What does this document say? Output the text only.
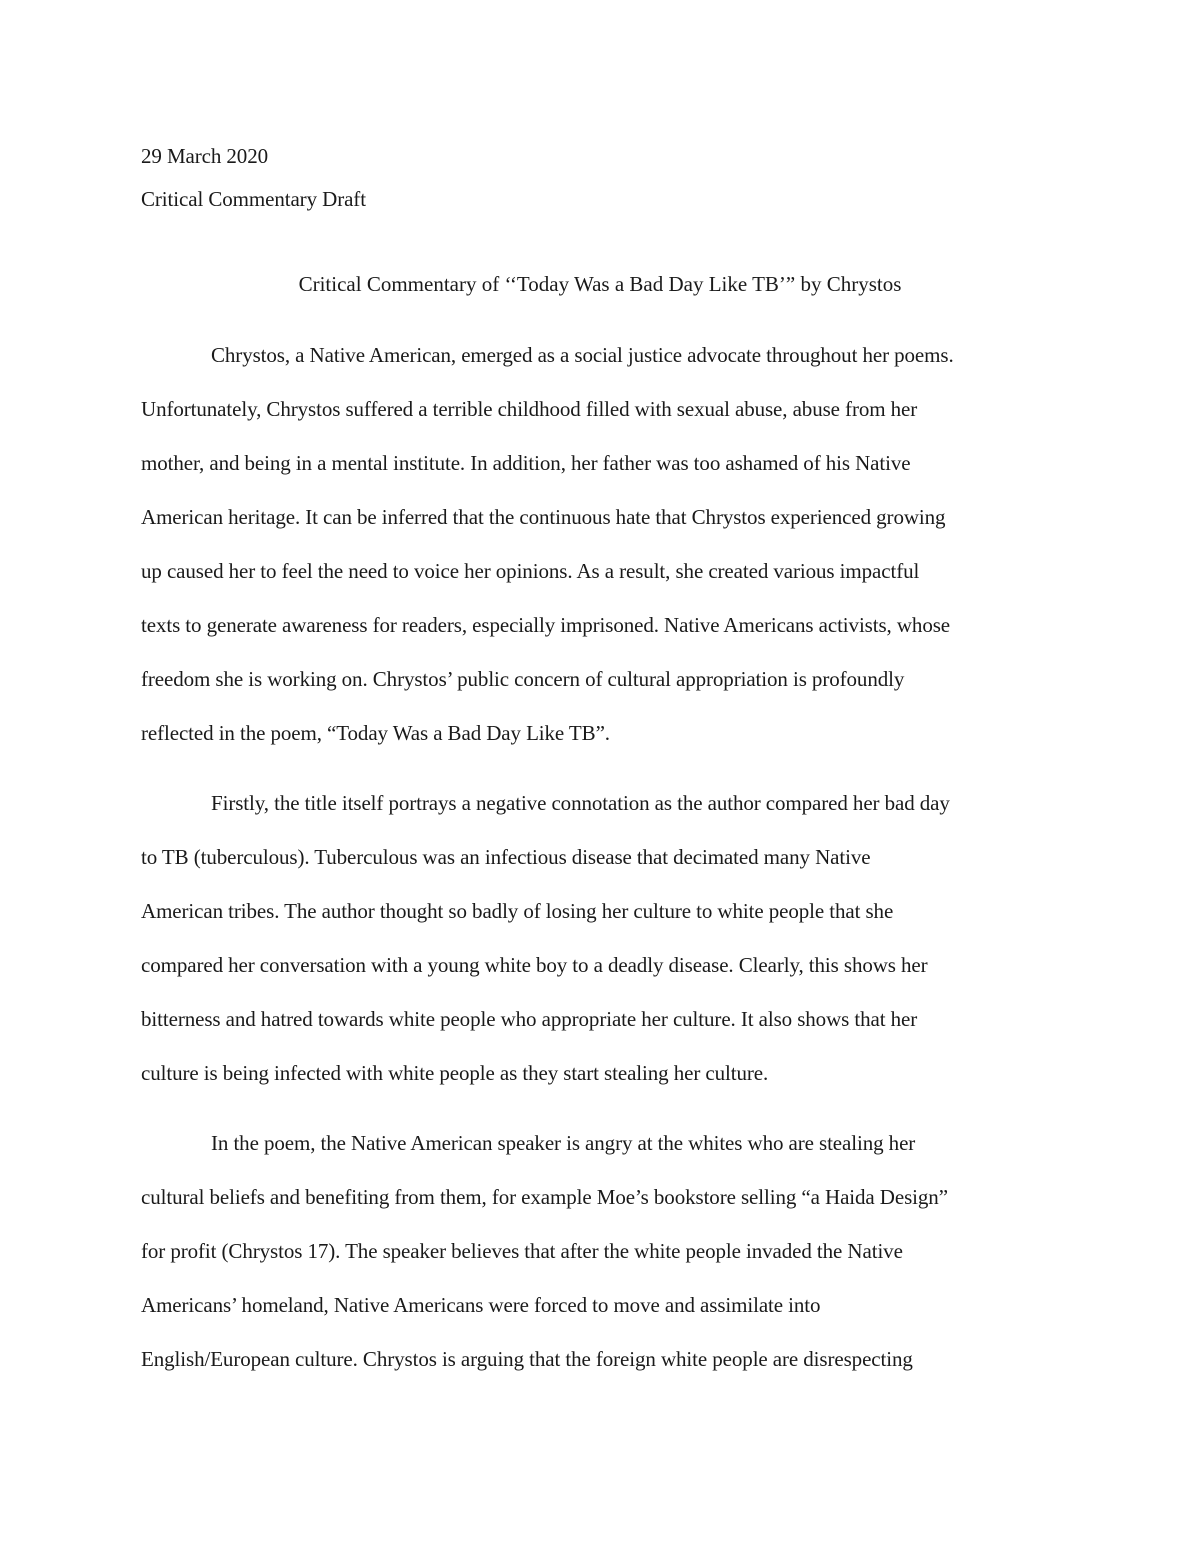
29 March 2020
Critical Commentary Draft
Critical Commentary of ‘‘Today Was a Bad Day Like TB’” by Chrystos
Chrystos, a Native American, emerged as a social justice advocate throughout her poems.
Unfortunately, Chrystos suffered a terrible childhood filled with sexual abuse, abuse from her
mother, and being in a mental institute. In addition, her father was too ashamed of his Native
American heritage. It can be inferred that the continuous hate that Chrystos experienced growing
up caused her to feel the need to voice her opinions. As a result, she created various impactful
texts to generate awareness for readers, especially imprisoned. Native Americans activists, whose
freedom she is working on. Chrystos’ public concern of cultural appropriation is profoundly
reflected in the poem, “Today Was a Bad Day Like TB”.
Firstly, the title itself portrays a negative connotation as the author compared her bad day
to TB (tuberculous). Tuberculous was an infectious disease that decimated many Native
American tribes. The author thought so badly of losing her culture to white people that she
compared her conversation with a young white boy to a deadly disease. Clearly, this shows her
bitterness and hatred towards white people who appropriate her culture. It also shows that her
culture is being infected with white people as they start stealing her culture.
In the poem, the Native American speaker is angry at the whites who are stealing her
cultural beliefs and benefiting from them, for example Moe’s bookstore selling “a Haida Design”
for profit (Chrystos 17). The speaker believes that after the white people invaded the Native
Americans’ homeland, Native Americans were forced to move and assimilate into
English/European culture. Chrystos is arguing that the foreign white people are disrespecting
